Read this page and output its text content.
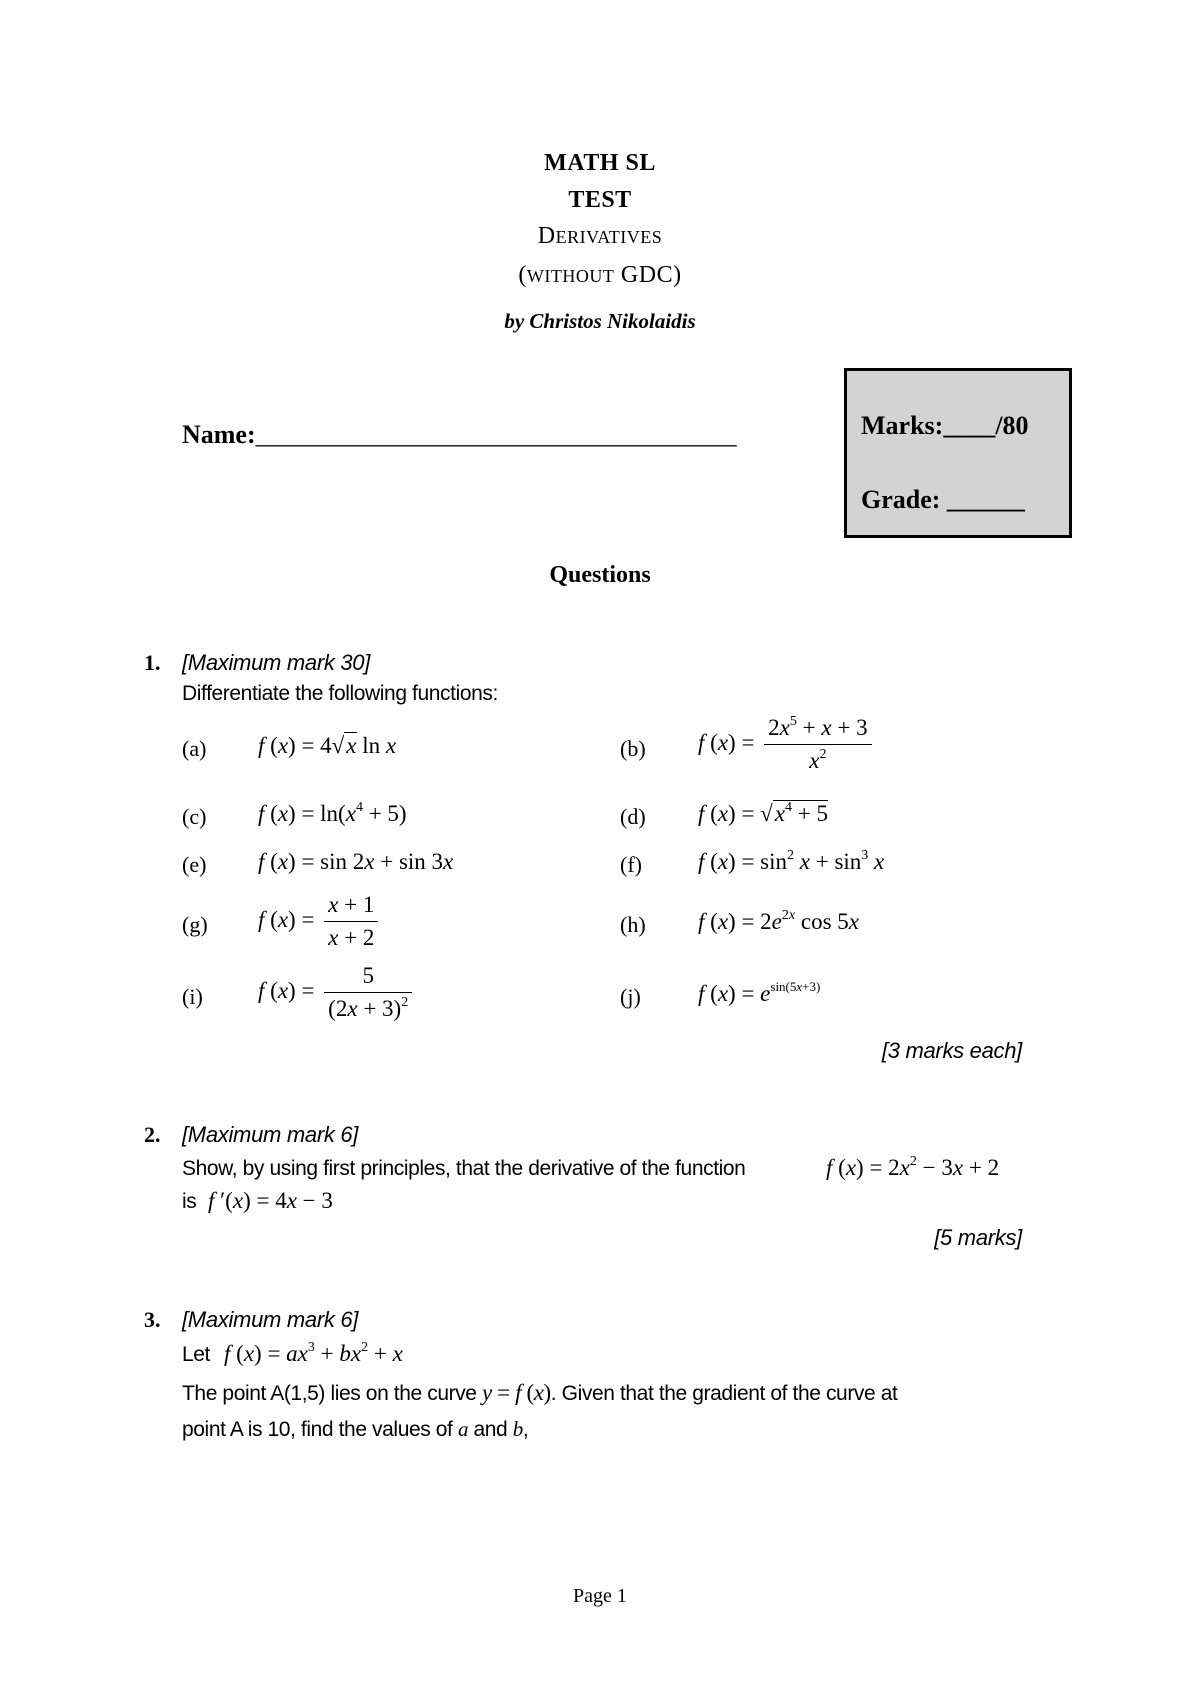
MATH SL
TEST
DERIVATIVES
(WITHOUT GDC)
by Christos Nikolaidis
Name:_____________________________________	Marks:____/80
Grade: ______
Questions
1. [Maximum mark 30]
Differentiate the following functions:
(a) f (x) = 4√x ln x	(b) f $(x) = \frac{2x^5 + x + 3}{x^2}$
(c) f $(x) = \ln(x^4 + 5)$	(d) f $(x) = √x^4 + 5$
(e) f (x) = sin 2x + sin 3x	(f) f $(x) = \sin^2 x + \sin^3 x$
(g) f $(x) = \frac{x + 1}{x + 2}$	(h) f $(x) = 2e^{2x}$ cos 5x
(i) f $(x) = \frac{5}{(2x + 3)^2}$	(j) f $(x) = e^{sin(5x+3)}$
[3 marks each]
2. [Maximum mark 6]
Show, by using first principles, that the derivative of the function	f $(x) = 2x^2 - 3x + 2$
is f ′(x) = 4x − 3
[5 marks]
3. [Maximum mark 6]
Let f $(x) = ax^3 + bx^2 + x$
The point A(1,5) lies on the curve y = f (x). Given that the gradient of the curve at
point A is 10, find the values of a and b,
Page 1
